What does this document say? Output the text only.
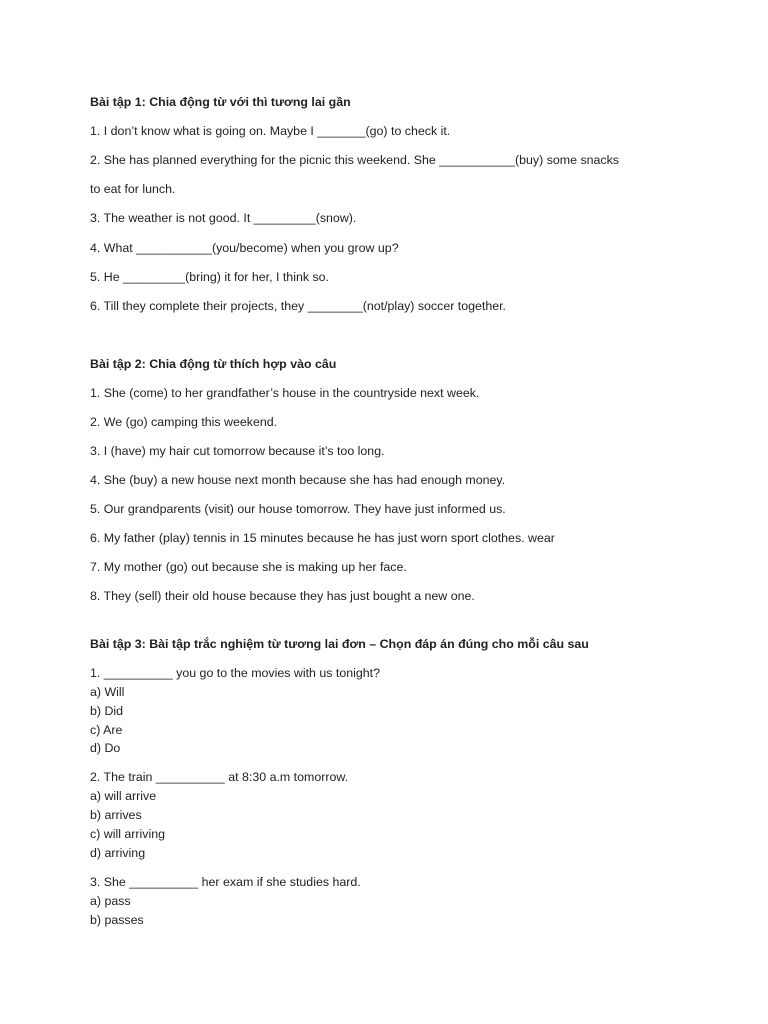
Bài tập 1: Chia động từ với thì tương lai gần
1. I don’t know what is going on. Maybe I _______(go) to check it.
2. She has planned everything for the picnic this weekend. She ___________(buy) some snacks
to eat for lunch.
3. The weather is not good. It _________(snow).
4. What ___________(you/become) when you grow up?
5. He _________(bring) it for her, I think so.
6. Till they complete their projects, they ________(not/play) soccer together.
Bài tập 2: Chia động từ thích hợp vào câu
1. She (come) to her grandfather’s house in the countryside next week.
2. We (go) camping this weekend.
3. I (have) my hair cut tomorrow because it’s too long.
4. She (buy) a new house next month because she has had enough money.
5. Our grandparents (visit) our house tomorrow. They have just informed us.
6. My father (play) tennis in 15 minutes because he has just worn sport clothes. wear
7. My mother (go) out because she is making up her face.
8. They (sell) their old house because they has just bought a new one.
Bài tập 3: Bài tập trắc nghiệm từ tương lai đơn – Chọn đáp án đúng cho mỗi câu sau
1. __________ you go to the movies with us tonight?
a) Will
b) Did
c) Are
d) Do
2. The train __________ at 8:30 a.m tomorrow.
a) will arrive
b) arrives
c) will arriving
d) arriving
3. She __________ her exam if she studies hard.
a) pass
b) passes
